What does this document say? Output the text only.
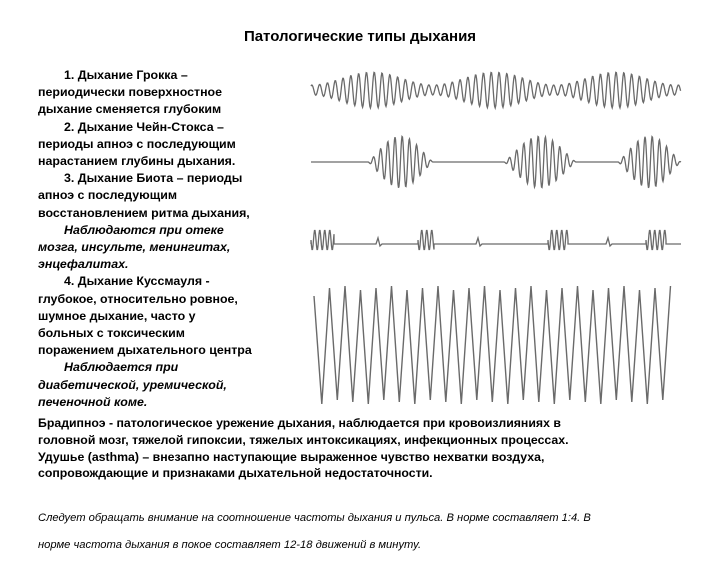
Патологические типы дыхания

1. Дыхание Грокка –

периодически поверхностное

дыхание сменяется глубоким

2. Дыхание Чейн-Стокса –

периоды апноэ с последующим

нарастанием глубины дыхания.

3. Дыхание Биота – периоды

апноэ с последующим

восстановлением ритма дыхания,

Наблюдаются при отеке

мозга, инсульте, менингитах,

энцефалитах.

4. Дыхание Куссмауля -

глубокое, относительно ровное,

шумное дыхание, часто у

больных с токсическим

поражением дыхательного центра

Наблюдается при

диабетической, уремической,

печеночной коме.

Брадипноэ - патологическое урежение дыхания, наблюдается при кровоизлияниях в

головной мозг, тяжелой гипоксии, тяжелых интоксикациях, инфекционных процессах.

Удушье (asthma) – внезапно наступающие выраженное чувство нехватки воздуха,

сопровождающие и признаками дыхательной недостаточности.

Следует обращать внимание на соотношение частоты дыхания и пульса. В норме составляет 1:4. В

норме частота дыхания в покое составляет 12-18 движений в минуту.
